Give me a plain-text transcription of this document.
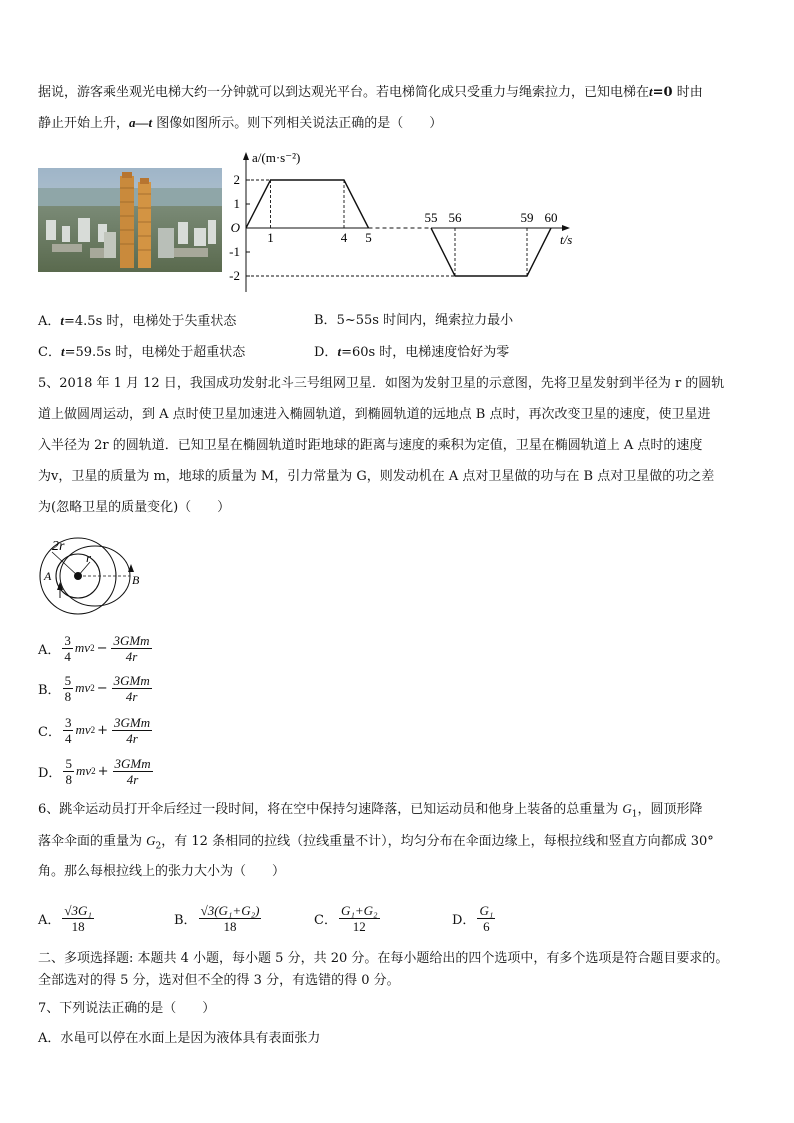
据说，游客乘坐观光电梯大约一分钟就可以到达观光平台。若电梯简化成只受重力与绳索拉力，已知电梯在t=0 时由
静止开始上升，a—t 图像如图所示。则下列相关说法正确的是（　　）
2
1
O
-1
-2
1	4 5
55 56	59 60
a/(m·s⁻²)
t/s
A．t=4.5s 时，电梯处于失重状态	B．5~55s 时间内，绳索拉力最小
C．t=59.5s 时，电梯处于超重状态	D．t=60s 时，电梯速度恰好为零
5、2018 年 1 月 12 日，我国成功发射北斗三号组网卫星．如图为发射卫星的示意图，先将卫星发射到半径为 r 的圆轨
道上做圆周运动，到 A 点时使卫星加速进入椭圆轨道，到椭圆轨道的远地点 B 点时，再次改变卫星的速度，使卫星进
入半径为 2r 的圆轨道．已知卫星在椭圆轨道时距地球的距离与速度的乘积为定值，卫星在椭圆轨道上 A 点时的速度
为v，卫星的质量为 m，地球的质量为 M，引力常量为 G，则发动机在 A 点对卫星做的功与在 B 点对卫星做的功之差
为(忽略卫星的质量变化)（　　）
2r
r
A	B
A． $\frac{3}{4}$ mv $2 - \frac{\text{3GMm}}{4r}$
B． $\frac{5}{8}$ mv $2 - \frac{\text{3GMm}}{4r}$
C． $\frac{3}{4}$ mv $2 + \frac{\text{3GMm}}{4r}$
D． $\frac{5}{8}$ mv $2 + \frac{\text{3GMm}}{4r}$
6、跳伞运动员打开伞后经过一段时间，将在空中保持匀速降落，已知运动员和他身上装备的总重量为 $G_1$，圆顶形降
落伞伞面的重量为 $G_2$，有 12 条相同的拉线（拉线重量不计），均匀分布在伞面边缘上，每根拉线和竖直方向都成 30°
角。那么每根拉线上的张力大小为（　　）
A． $\frac{\text{√3G₁}}{18}$	B． $\frac{\text{√3(G₁+G₂)}}{18}$	C． $\frac{\text{G₁+G₂}}{12}$	D． $\frac{\text{G₁}}{6}$
二、多项选择题: 本题共 4 小题，每小题 5 分，共 20 分。在每小题给出的四个选项中，有多个选项是符合题目要求的。
全部选对的得 5 分，选对但不全的得 3 分，有选错的得 0 分。
7、下列说法正确的是（　　）
A．水黾可以停在水面上是因为液体具有表面张力
